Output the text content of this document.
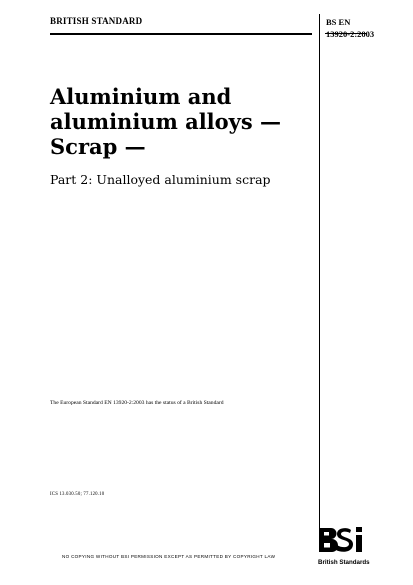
BRITISH STANDARD	BS EN
13920-2:2003
Aluminium and
aluminium alloys —
Scrap —
Part 2: Unalloyed aluminium scrap
The European Standard EN 13920-2:2003 has the status of a British Standard
ICS 13.030.50; 77.120.10
NO COPYING WITHOUT BSI PERMISSION EXCEPT AS PERMITTED BY COPYRIGHT LAW
British Standards
